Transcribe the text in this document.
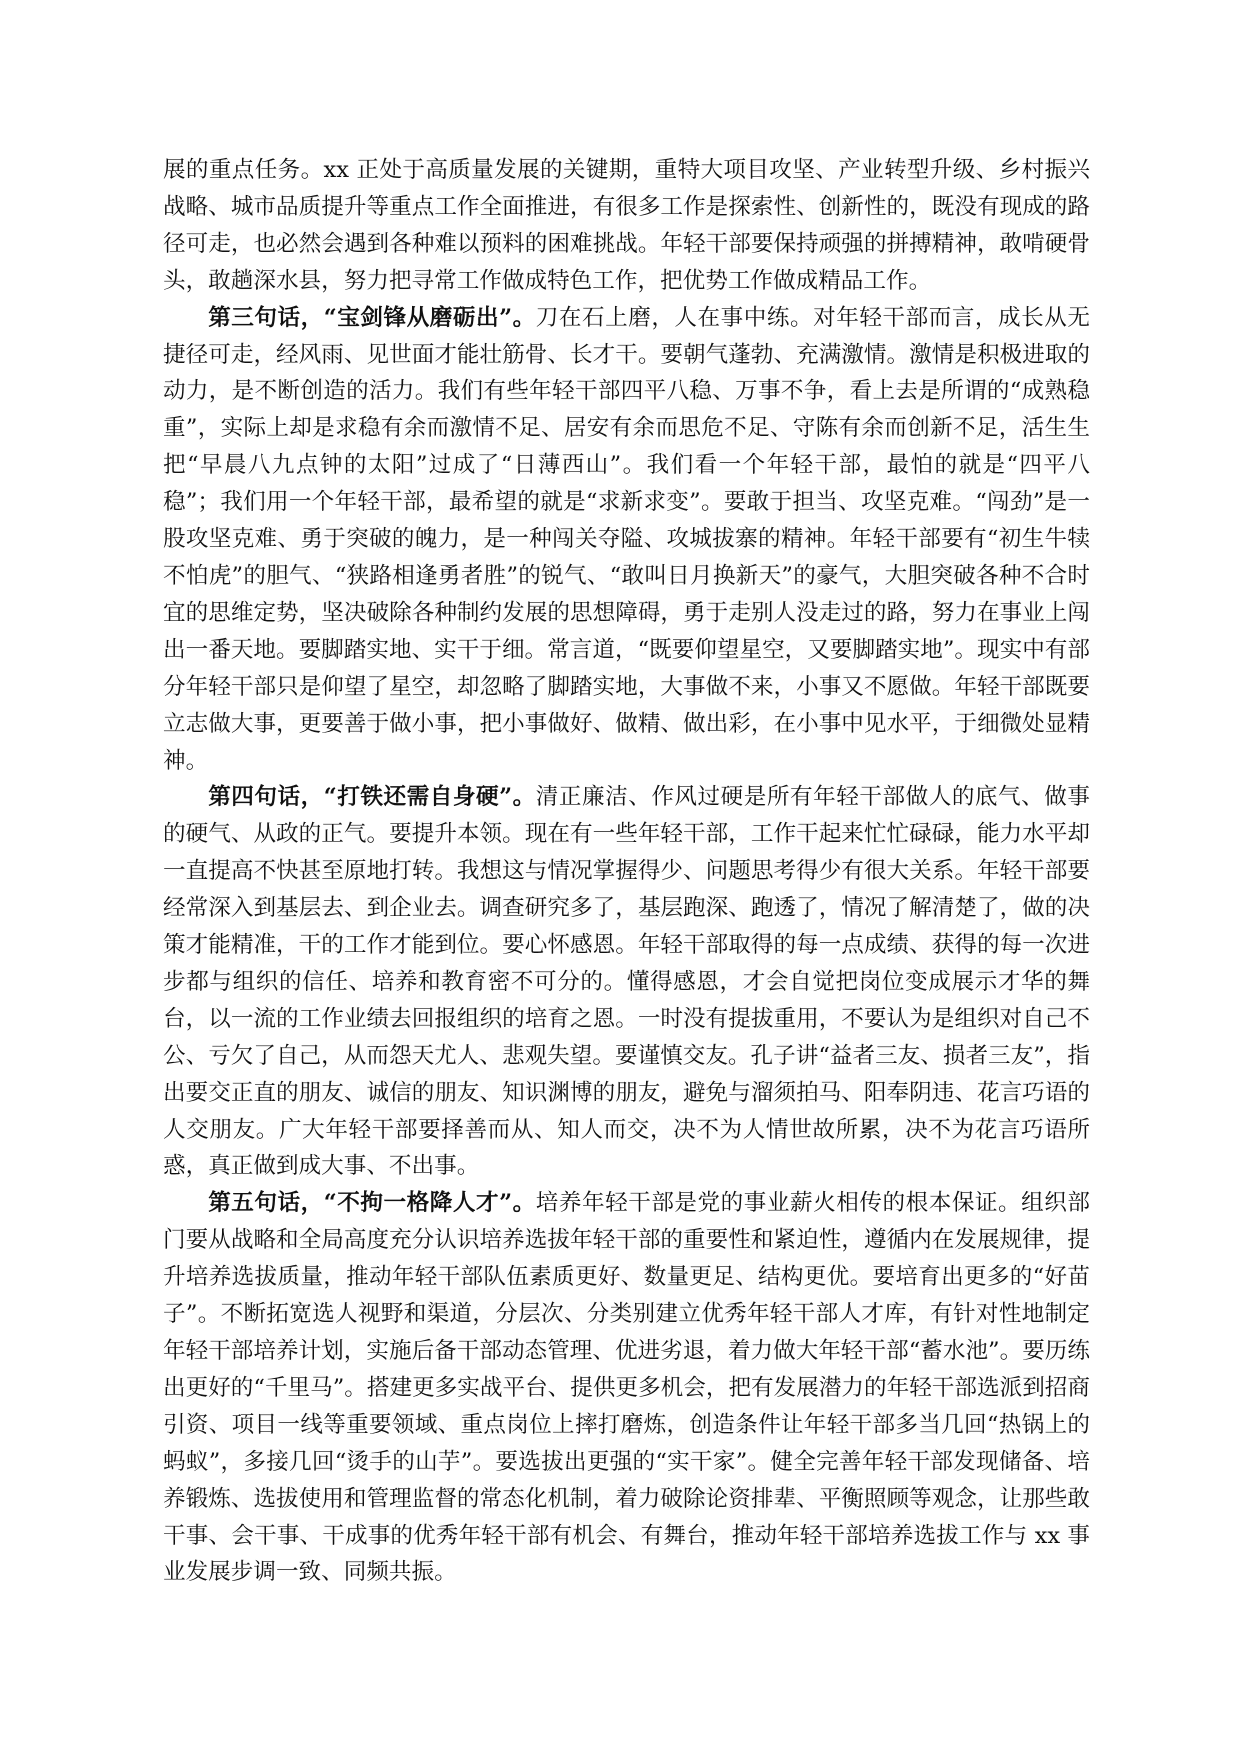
展的重点任务。xx 正处于高质量发展的关键期，重特大项目攻坚、产业转型升级、乡村振兴战略、城市品质提升等重点工作全面推进，有很多工作是探索性、创新性的，既没有现成的路径可走，也必然会遇到各种难以预料的困难挑战。年轻干部要保持顽强的拼搏精神，敢啃硬骨头，敢趟深水县，努力把寻常工作做成特色工作，把优势工作做成精品工作。

第三句话，“宝剑锋从磨砺出”。刀在石上磨，人在事中练。对年轻干部而言，成长从无捷径可走，经风雨、见世面才能壮筋骨、长才干。要朝气蓬勃、充满激情。激情是积极进取的动力，是不断创造的活力。我们有些年轻干部四平八稳、万事不争，看上去是所谓的“成熟稳重”，实际上却是求稳有余而激情不足、居安有余而思危不足、守陈有余而创新不足，活生生把“早晨八九点钟的太阳”过成了“日薄西山”。我们看一个年轻干部，最怕的就是“四平八稳”；我们用一个年轻干部，最希望的就是“求新求变”。要敢于担当、攻坚克难。“闯劲”是一股攻坚克难、勇于突破的魄力，是一种闯关夺隘、攻城拔寨的精神。年轻干部要有“初生牛犊不怕虎”的胆气、“狭路相逢勇者胜”的锐气、“敢叫日月换新天”的豪气，大胆突破各种不合时宜的思维定势，坚决破除各种制约发展的思想障碍，勇于走别人没走过的路，努力在事业上闯出一番天地。要脚踏实地、实干于细。常言道，“既要仰望星空，又要脚踏实地”。现实中有部分年轻干部只是仰望了星空，却忽略了脚踏实地，大事做不来，小事又不愿做。年轻干部既要立志做大事，更要善于做小事，把小事做好、做精、做出彩，在小事中见水平，于细微处显精神。

第四句话，“打铁还需自身硬”。清正廉洁、作风过硬是所有年轻干部做人的底气、做事的硬气、从政的正气。要提升本领。现在有一些年轻干部，工作干起来忙忙碌碌，能力水平却一直提高不快甚至原地打转。我想这与情况掌握得少、问题思考得少有很大关系。年轻干部要经常深入到基层去、到企业去。调查研究多了，基层跑深、跑透了，情况了解清楚了，做的决策才能精准，干的工作才能到位。要心怀感恩。年轻干部取得的每一点成绩、获得的每一次进步都与组织的信任、培养和教育密不可分的。懂得感恩，才会自觉把岗位变成展示才华的舞台，以一流的工作业绩去回报组织的培育之恩。一时没有提拔重用，不要认为是组织对自己不公、亏欠了自己，从而怨天尤人、悲观失望。要谨慎交友。孔子讲“益者三友、损者三友”，指出要交正直的朋友、诚信的朋友、知识渊博的朋友，避免与溜须拍马、阳奉阴违、花言巧语的人交朋友。广大年轻干部要择善而从、知人而交，决不为人情世故所累，决不为花言巧语所惑，真正做到成大事、不出事。

第五句话，“不拘一格降人才”。培养年轻干部是党的事业薪火相传的根本保证。组织部门要从战略和全局高度充分认识培养选拔年轻干部的重要性和紧迫性，遵循内在发展规律，提升培养选拔质量，推动年轻干部队伍素质更好、数量更足、结构更优。要培育出更多的“好苗子”。不断拓宽选人视野和渠道，分层次、分类别建立优秀年轻干部人才库，有针对性地制定年轻干部培养计划，实施后备干部动态管理、优进劣退，着力做大年轻干部“蓄水池”。要历练出更好的“千里马”。搭建更多实战平台、提供更多机会，把有发展潜力的年轻干部选派到招商引资、项目一线等重要领域、重点岗位上摔打磨炼，创造条件让年轻干部多当几回“热锅上的蚂蚁”，多接几回“烫手的山芋”。要选拔出更强的“实干家”。健全完善年轻干部发现储备、培养锻炼、选拔使用和管理监督的常态化机制，着力破除论资排辈、平衡照顾等观念，让那些敢干事、会干事、干成事的优秀年轻干部有机会、有舞台，推动年轻干部培养选拔工作与 xx 事业发展步调一致、同频共振。
